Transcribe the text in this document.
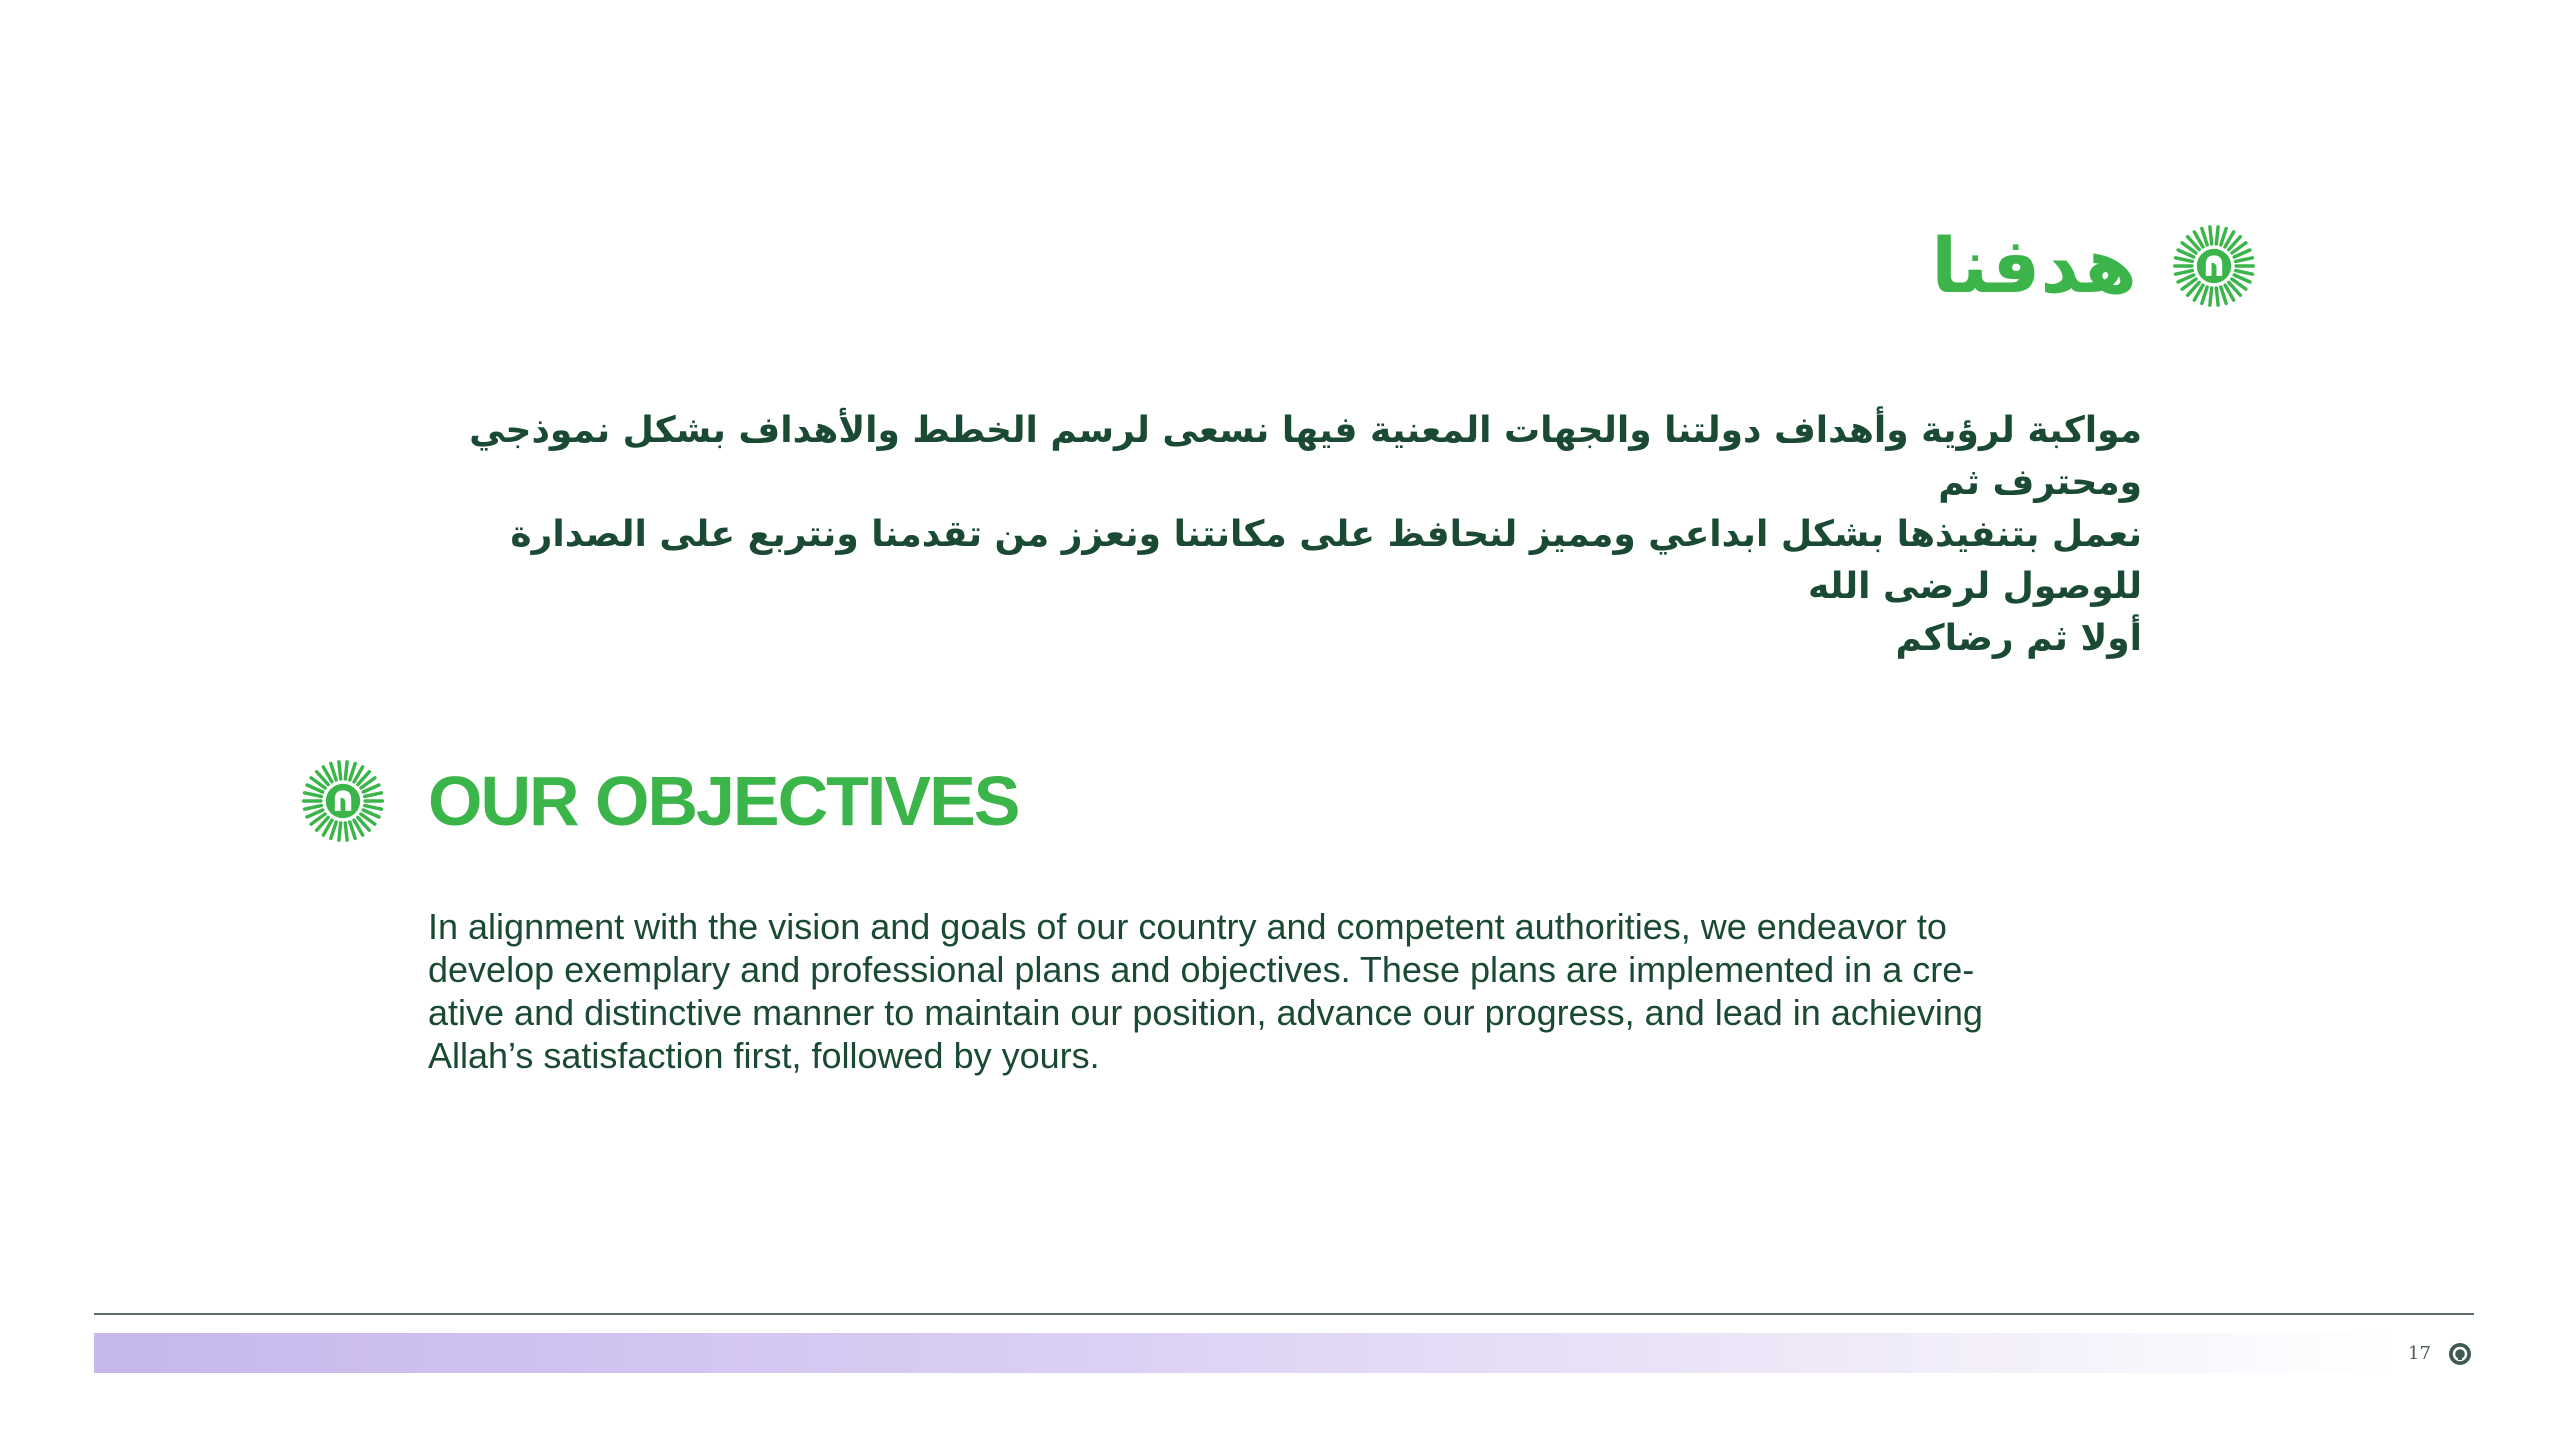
هدفنا
مواكبة لرؤية وأهداف دولتنا والجهات المعنية فيها نسعى لرسم الخطط والأهداف بشكل نموذجي ومحترف ثم
نعمل بتنفيذها بشكل ابداعي ومميز لنحافظ على مكانتنا ونعزز من تقدمنا ونتربع على الصدارة للوصول لرضى الله
أولا ثم رضاكم
OUR OBJECTIVES
In alignment with the vision and goals of our country and competent authorities, we endeavor to
develop exemplary and professional plans and objectives. These plans are implemented in a cre-
ative and distinctive manner to maintain our position, advance our progress, and lead in achieving
Allah’s satisfaction first, followed by yours.
17
